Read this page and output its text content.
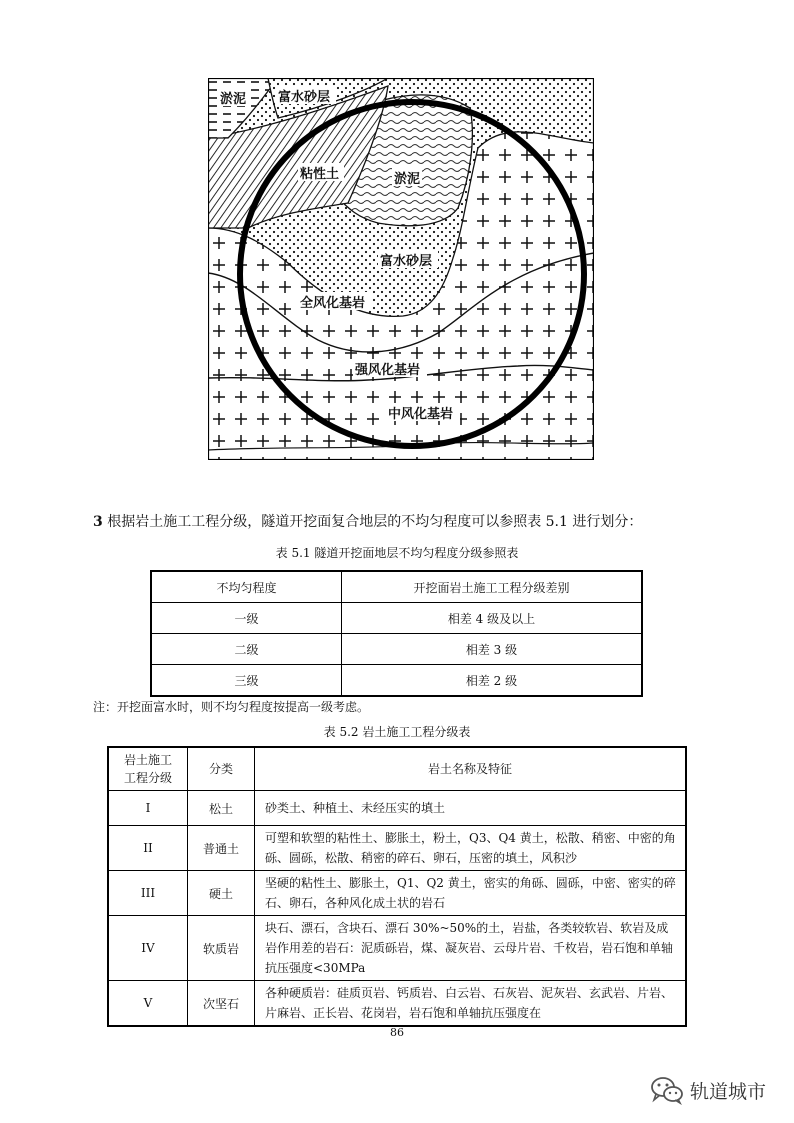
淤泥 富水砂层
粘性土	淤泥
富水砂层
全风化基岩
强风化基岩
中风化基岩
3 根据岩土施工工程分级，隧道开挖面复合地层的不均匀程度可以参照表 5.1 进行划分：
表 5.1 隧道开挖面地层不均匀程度分级参照表
不均匀程度	开挖面岩土施工工程分级差别
一级	相差 4 级及以上
二级	相差 3 级
三级	相差 2 级
注：开挖面富水时，则不均匀程度按提高一级考虑。
表 5.2 岩土施工工程分级表
岩土施工
工程分级	分类	岩土名称及特征
I	松土	砂类土、种植土、未经压实的填土
II	普通土	可塑和软塑的粘性土、膨胀土，粉土，Q3、Q4 黄土，松散、稍密、中密的角砾、圆砾，松散、稍密的碎石、卵石，压密的填土，风积沙
III	硬土	坚硬的粘性土、膨胀土，Q1、Q2 黄土，密实的角砾、圆砾，中密、密实的碎石、卵石，各种风化成土状的岩石
IV	软质岩	块石、漂石，含块石、漂石 30%~50%的土，岩盐，各类较软岩、软岩及成岩作用差的岩石：泥质砾岩，煤、凝灰岩、云母片岩、千枚岩，岩石饱和单轴抗压强度<30MPa
V	次坚石	各种硬质岩：硅质页岩、钙质岩、白云岩、石灰岩、泥灰岩、玄武岩、片岩、片麻岩、正长岩、花岗岩，岩石饱和单轴抗压强度在
86
轨道城市
